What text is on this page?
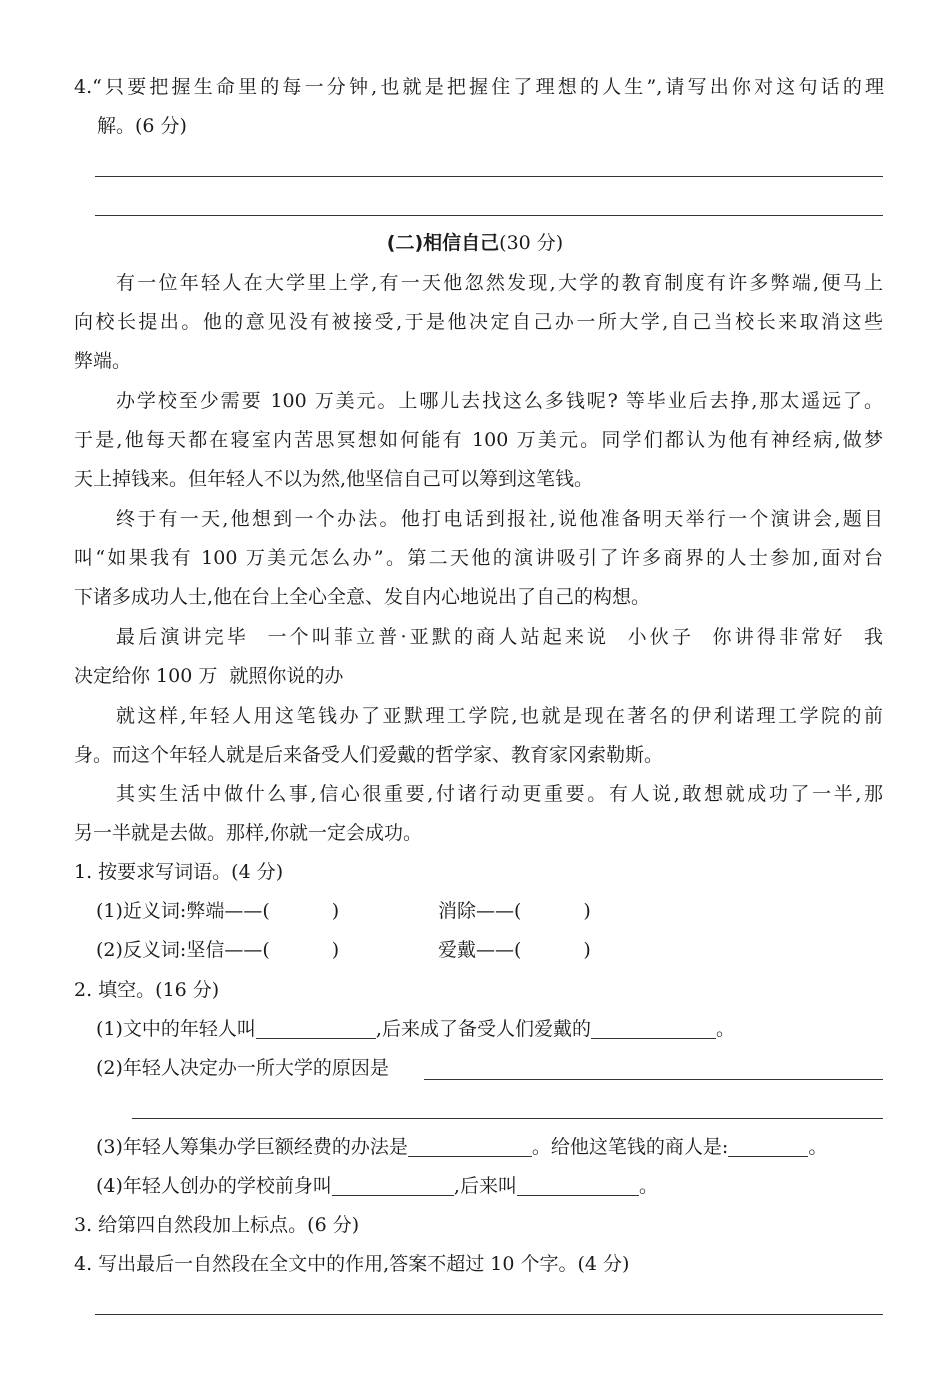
4.“只要把握生命里的每一分钟,也就是把握住了理想的人生”,请写出你对这句话的理
解。(6 分)
(二)相信自己(30 分)
有一位年轻人在大学里上学,有一天他忽然发现,大学的教育制度有许多弊端,便马上
向校长提出。他的意见没有被接受,于是他决定自己办一所大学,自己当校长来取消这些
弊端。
办学校至少需要 100 万美元。上哪儿去找这么多钱呢? 等毕业后去挣,那太遥远了。
于是,他每天都在寝室内苦思冥想如何能有 100 万美元。同学们都认为他有神经病,做梦
天上掉钱来。但年轻人不以为然,他坚信自己可以筹到这笔钱。
终于有一天,他想到一个办法。他打电话到报社,说他准备明天举行一个演讲会,题目
叫“如果我有 100 万美元怎么办”。第二天他的演讲吸引了许多商界的人士参加,面对台
下诸多成功人士,他在台上全心全意、发自内心地说出了自己的构想。
最后演讲完毕  一个叫菲立普·亚默的商人站起来说  小伙子  你讲得非常好  我
决定给你 100 万  就照你说的办
就这样,年轻人用这笔钱办了亚默理工学院,也就是现在著名的伊利诺理工学院的前
身。而这个年轻人就是后来备受人们爱戴的哲学家、教育家冈索勒斯。
其实生活中做什么事,信心很重要,付诸行动更重要。有人说,敢想就成功了一半,那
另一半就是去做。那样,你就一定会成功。
1. 按要求写词语。(4 分)
(1)近义词:弊端——(	)	消除——(	)
(2)反义词:坚信——(	)	爱戴——(	)
2. 填空。(16 分)
(1)文中的年轻人叫	,后来成了备受人们爱戴的	。
(2)年轻人决定办一所大学的原因是
(3)年轻人筹集办学巨额经费的办法是	。给他这笔钱的商人是:	。
(4)年轻人创办的学校前身叫	,后来叫	。
3. 给第四自然段加上标点。(6 分)
4. 写出最后一自然段在全文中的作用,答案不超过 10 个字。(4 分)
